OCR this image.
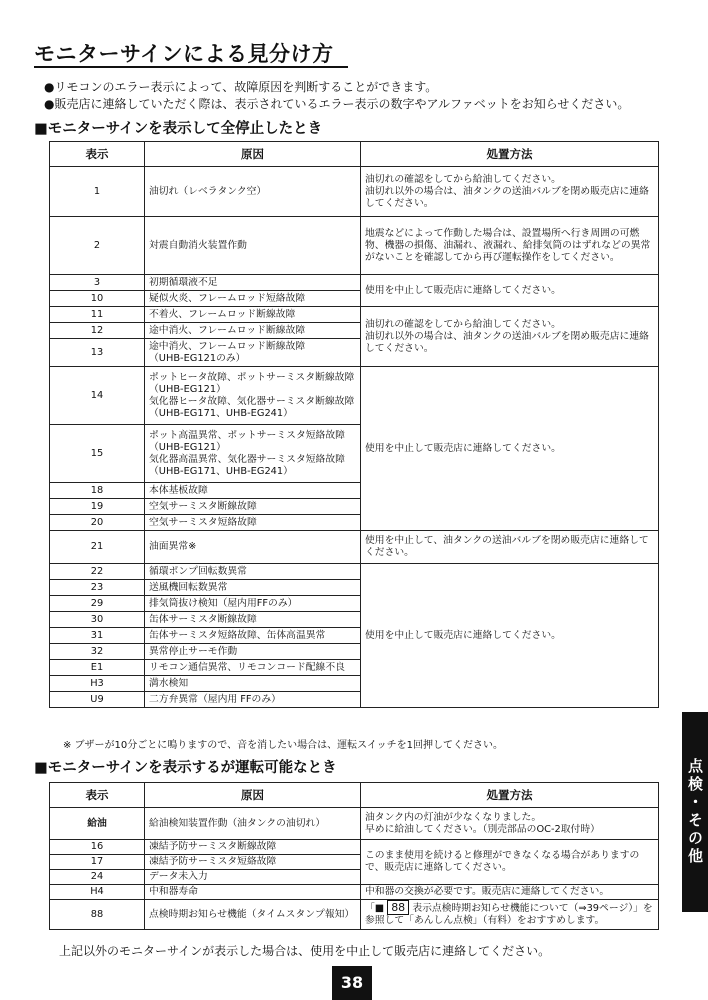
モニターサインによる見分け方
●リモコンのエラー表示によって、故障原因を判断することができます。
●販売店に連絡していただく際は、表示されているエラー表示の数字やアルファベットをお知らせください。
■モニターサインを表示して全停止したとき
表示	原因	処置方法
1	油切れ（レベラタンク空）	油切れの確認をしてから給油してください。
油切れ以外の場合は、油タンクの送油バルブを閉め販売店に連絡してください。
2	対震自動消火装置作動	地震などによって作動した場合は、設置場所へ行き周囲の可燃物、機器の損傷、油漏れ、液漏れ、給排気筒のはずれなどの異常がないことを確認してから再び運転操作をしてください。
3	初期循環液不足	使用を中止して販売店に連絡してください。
10	疑似火炎、フレームロッド短絡故障	
11	不着火、フレームロッド断線故障	油切れの確認をしてから給油してください。
油切れ以外の場合は、油タンクの送油バルブを閉め販売店に連絡してください。
12	途中消火、フレームロッド断線故障	
13	途中消火、フレームロッド断線故障
（UHB-EG121のみ）	
14	ポットヒータ故障、ポットサーミスタ断線故障
（UHB-EG121）
気化器ヒータ故障、気化器サーミスタ断線故障
（UHB-EG171、UHB-EG241）	使用を中止して販売店に連絡してください。
15	ポット高温異常、ポットサーミスタ短絡故障
（UHB-EG121）
気化器高温異常、気化器サーミスタ短絡故障
（UHB-EG171、UHB-EG241）	
18	本体基板故障	
19	空気サーミスタ断線故障	
20	空気サーミスタ短絡故障	
21	油面異常※	使用を中止して、油タンクの送油バルブを閉め販売店に連絡してください。
22	循環ポンプ回転数異常	使用を中止して販売店に連絡してください。
23	送風機回転数異常	
29	排気筒抜け検知（屋内用FFのみ）	
30	缶体サーミスタ断線故障	
31	缶体サーミスタ短絡故障、缶体高温異常	
32	異常停止サーモ作動	
E1	リモコン通信異常、リモコンコード配線不良	
H3	満水検知	
U9	二方弁異常（屋内用 FFのみ）	
※ ブザーが10分ごとに鳴りますので、音を消したい場合は、運転スイッチを1回押してください。
■モニターサインを表示するが運転可能なとき
表示	原因	処置方法
給油	給油検知装置作動（油タンクの油切れ）	油タンク内の灯油が少なくなりました。
早めに給油してください。（別売部品のOC-2取付時）
16	凍結予防サーミスタ断線故障	このまま使用を続けると修理ができなくなる場合がありますので、販売店に連絡してください。
17	凍結予防サーミスタ短絡故障	
24	データ未入力	
H4	中和器寿命	中和器の交換が必要です。販売店に連絡してください。
88	点検時期お知らせ機能（タイムスタンプ報知）	「■ 88 表示点検時期お知らせ機能について（⇒39ページ）」を参照して「あんしん点検」（有料）をおすすめします。
上記以外のモニターサインが表示した場合は、使用を中止して販売店に連絡してください。
点検・その他
38
